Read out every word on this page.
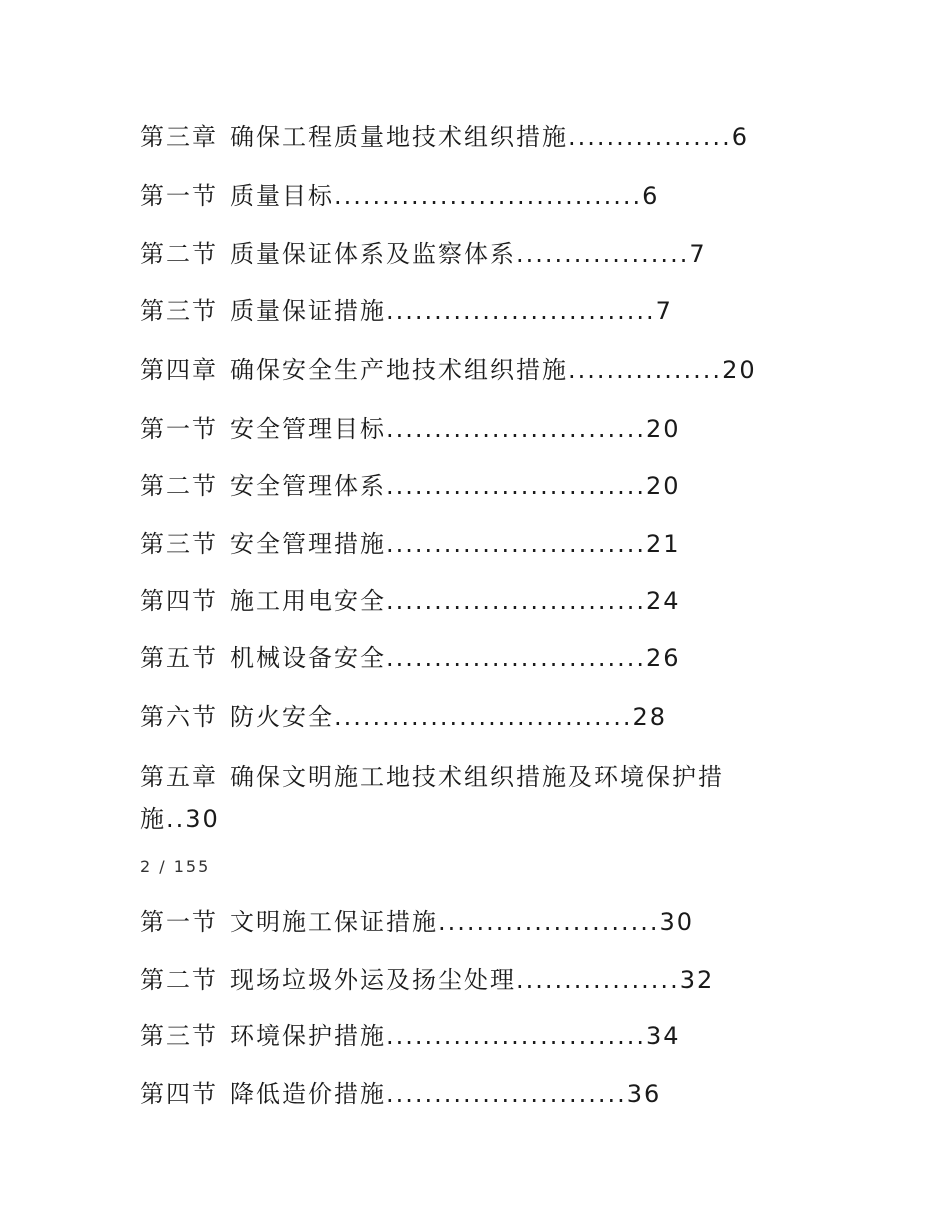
第三章 确保工程质量地技术组织措施.................6
第一节 质量目标................................6
第二节 质量保证体系及监察体系..................7
第三节 质量保证措施............................7
第四章 确保安全生产地技术组织措施................20
第一节 安全管理目标...........................20
第二节 安全管理体系...........................20
第三节 安全管理措施...........................21
第四节 施工用电安全...........................24
第五节 机械设备安全...........................26
第六节 防火安全...............................28
第五章 确保文明施工地技术组织措施及环境保护措施..30
2 / 155
第一节 文明施工保证措施.......................30
第二节 现场垃圾外运及扬尘处理.................32
第三节 环境保护措施...........................34
第四节 降低造价措施.........................36
